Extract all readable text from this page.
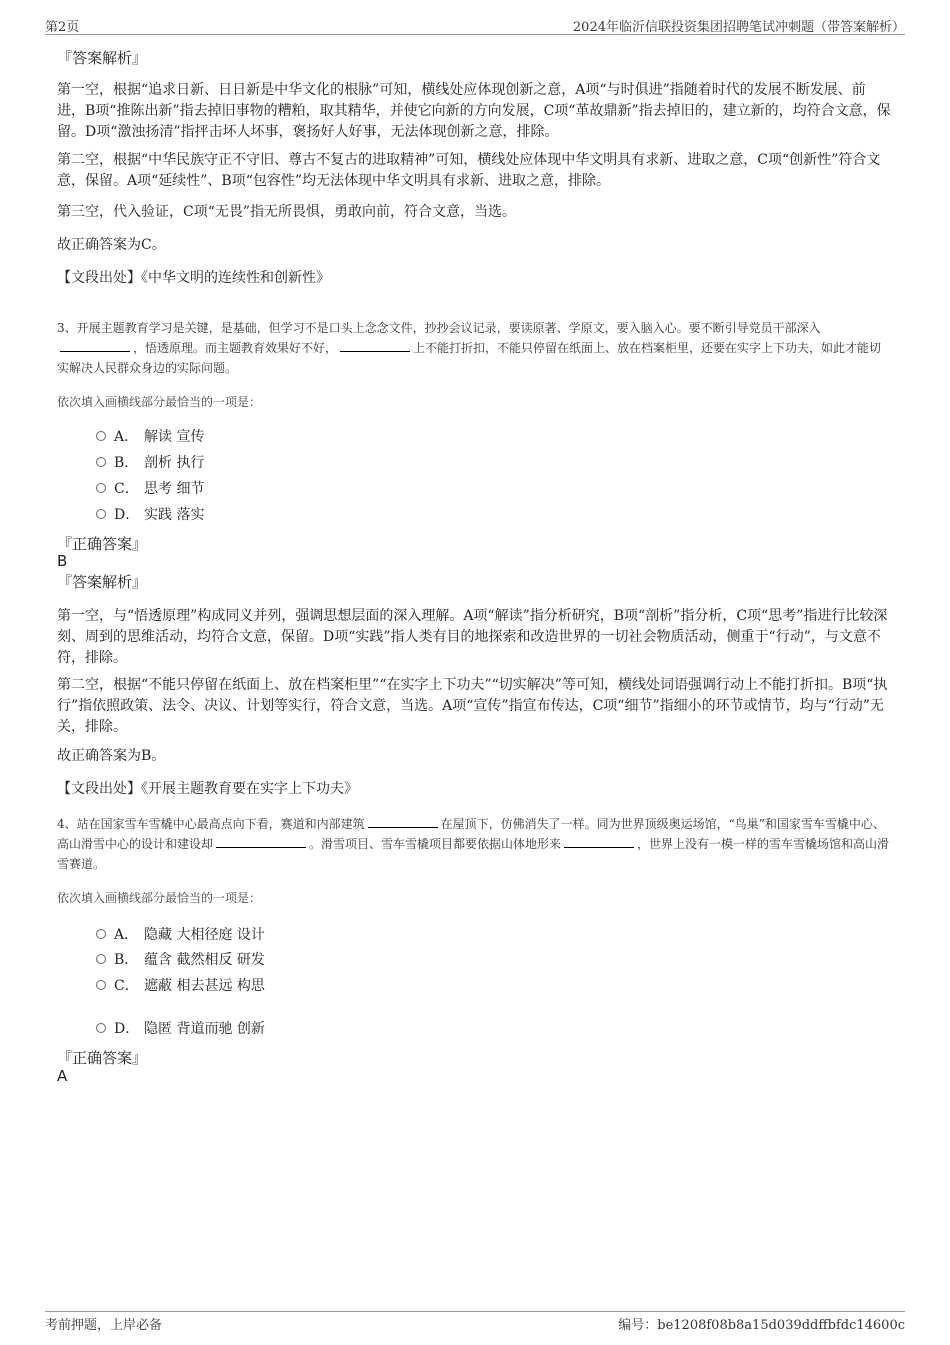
第2页	2024年临沂信联投资集团招聘笔试冲刺题（带答案解析）
『答案解析』
第一空，根据“追求日新、日日新是中华文化的根脉”可知，横线处应体现创新之意，A项“与时俱进”指随着时代的发展不断发展、前进，B项“推陈出新”指去掉旧事物的糟粕，取其精华，并使它向新的方向发展，C项“革故鼎新”指去掉旧的，建立新的，均符合文意，保留。D项“激浊扬清”指抨击坏人坏事，褒扬好人好事，无法体现创新之意，排除。
第二空，根据“中华民族守正不守旧、尊古不复古的进取精神”可知，横线处应体现中华文明具有求新、进取之意，C项“创新性”符合文意，保留。A项“延续性”、B项“包容性”均无法体现中华文明具有求新、进取之意，排除。
第三空，代入验证，C项“无畏”指无所畏惧，勇敢向前，符合文意，当选。
故正确答案为C。
【文段出处】《中华文明的连续性和创新性》
3、开展主题教育学习是关键，是基础，但学习不是口头上念念文件，抄抄会议记录，要读原著、学原文，要入脑入心。要不断引导党员干部深入，悟透原理。而主题教育效果好不好，	上不能打折扣，不能只停留在纸面上、放在档案柜里，还要在实字上下功夫，如此才能切实解决人民群众身边的实际问题。
依次填入画横线部分最恰当的一项是：
A． 解读 宣传
B． 剖析 执行
C． 思考 细节
D． 实践 落实
『正确答案』
B
『答案解析』
第一空，与“悟透原理”构成同义并列，强调思想层面的深入理解。A项“解读”指分析研究，B项“剖析”指分析，C项“思考”指进行比较深刻、周到的思维活动，均符合文意，保留。D项“实践”指人类有目的地探索和改造世界的一切社会物质活动，侧重于“行动”，与文意不符，排除。
第二空，根据“不能只停留在纸面上、放在档案柜里”“在实字上下功夫”“切实解决”等可知，横线处词语强调行动上不能打折扣。B项“执行”指依照政策、法令、决议、计划等实行，符合文意，当选。A项“宣传”指宣布传达，C项“细节”指细小的环节或情节，均与“行动”无关，排除。
故正确答案为B。
【文段出处】《开展主题教育要在实字上下功夫》
4、站在国家雪车雪橇中心最高点向下看，赛道和内部建筑	在屋顶下，仿佛消失了一样。同为世界顶级奥运场馆，“鸟巢”和国家雪车雪橇中心、高山滑雪中心的设计和建设却	。滑雪项目、雪车雪橇项目都要依据山体地形来	，世界上没有一模一样的雪车雪橇场馆和高山滑雪赛道。
依次填入画横线部分最恰当的一项是：
A． 隐藏 大相径庭 设计
B． 蕴含 截然相反 研发
C． 遮蔽 相去甚远 构思
D． 隐匿 背道而驰 创新
『正确答案』
A
考前押题，上岸必备	编号：be1208f08b8a15d039ddffbfdc14600c
